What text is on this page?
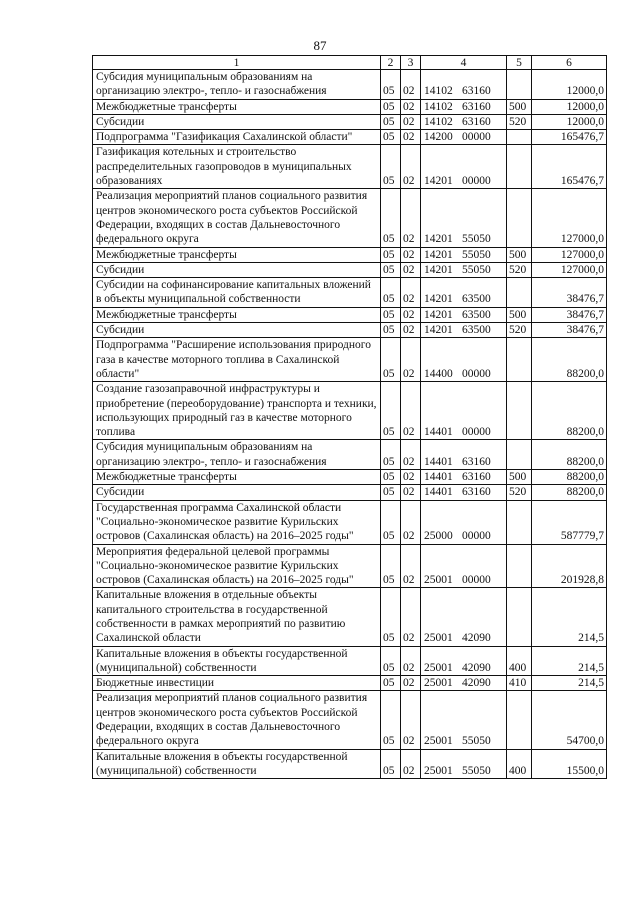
87
1	2	3	4	5	6
Субсидия муниципальным образованиям на организацию электро-, тепло- и газоснабжения	05	02	14102 63160		12000,0
Межбюджетные трансферты	05	02	14102 63160	500	12000,0
Субсидии	05	02	14102 63160	520	12000,0
Подпрограмма "Газификация Сахалинской области"	05	02	14200 00000		165476,7
Газификация котельных и строительство распределительных газопроводов в муниципальных образованиях	05	02	14201 00000		165476,7
Реализация мероприятий планов социального развития центров экономического роста субъектов Российской Федерации, входящих в состав Дальневосточного федерального округа	05	02	14201 55050		127000,0
Межбюджетные трансферты	05	02	14201 55050	500	127000,0
Субсидии	05	02	14201 55050	520	127000,0
Субсидии на софинансирование капитальных вложений в объекты муниципальной собственности	05	02	14201 63500		38476,7
Межбюджетные трансферты	05	02	14201 63500	500	38476,7
Субсидии	05	02	14201 63500	520	38476,7
Подпрограмма "Расширение использования природного газа в качестве моторного топлива в Сахалинской области"	05	02	14400 00000		88200,0
Создание газозаправочной инфраструктуры и приобретение (переоборудование) транспорта и техники, использующих природный газ в качестве моторного топлива	05	02	14401 00000		88200,0
Субсидия муниципальным образованиям на организацию электро-, тепло- и газоснабжения	05	02	14401 63160		88200,0
Межбюджетные трансферты	05	02	14401 63160	500	88200,0
Субсидии	05	02	14401 63160	520	88200,0
Государственная программа Сахалинской области "Социально-экономическое развитие Курильских островов (Сахалинская область) на 2016–2025 годы"	05	02	25000 00000		587779,7
Мероприятия федеральной целевой программы "Социально-экономическое развитие Курильских островов (Сахалинская область) на 2016–2025 годы"	05	02	25001 00000		201928,8
Капитальные вложения в отдельные объекты капитального строительства в государственной собственности в рамках мероприятий по развитию Сахалинской области	05	02	25001 42090		214,5
Капитальные вложения в объекты государственной (муниципальной) собственности	05	02	25001 42090	400	214,5
Бюджетные инвестиции	05	02	25001 42090	410	214,5
Реализация мероприятий планов социального развития центров экономического роста субъектов Российской Федерации, входящих в состав Дальневосточного федерального округа	05	02	25001 55050		54700,0
Капитальные вложения в объекты государственной (муниципальной) собственности	05	02	25001 55050	400	15500,0
